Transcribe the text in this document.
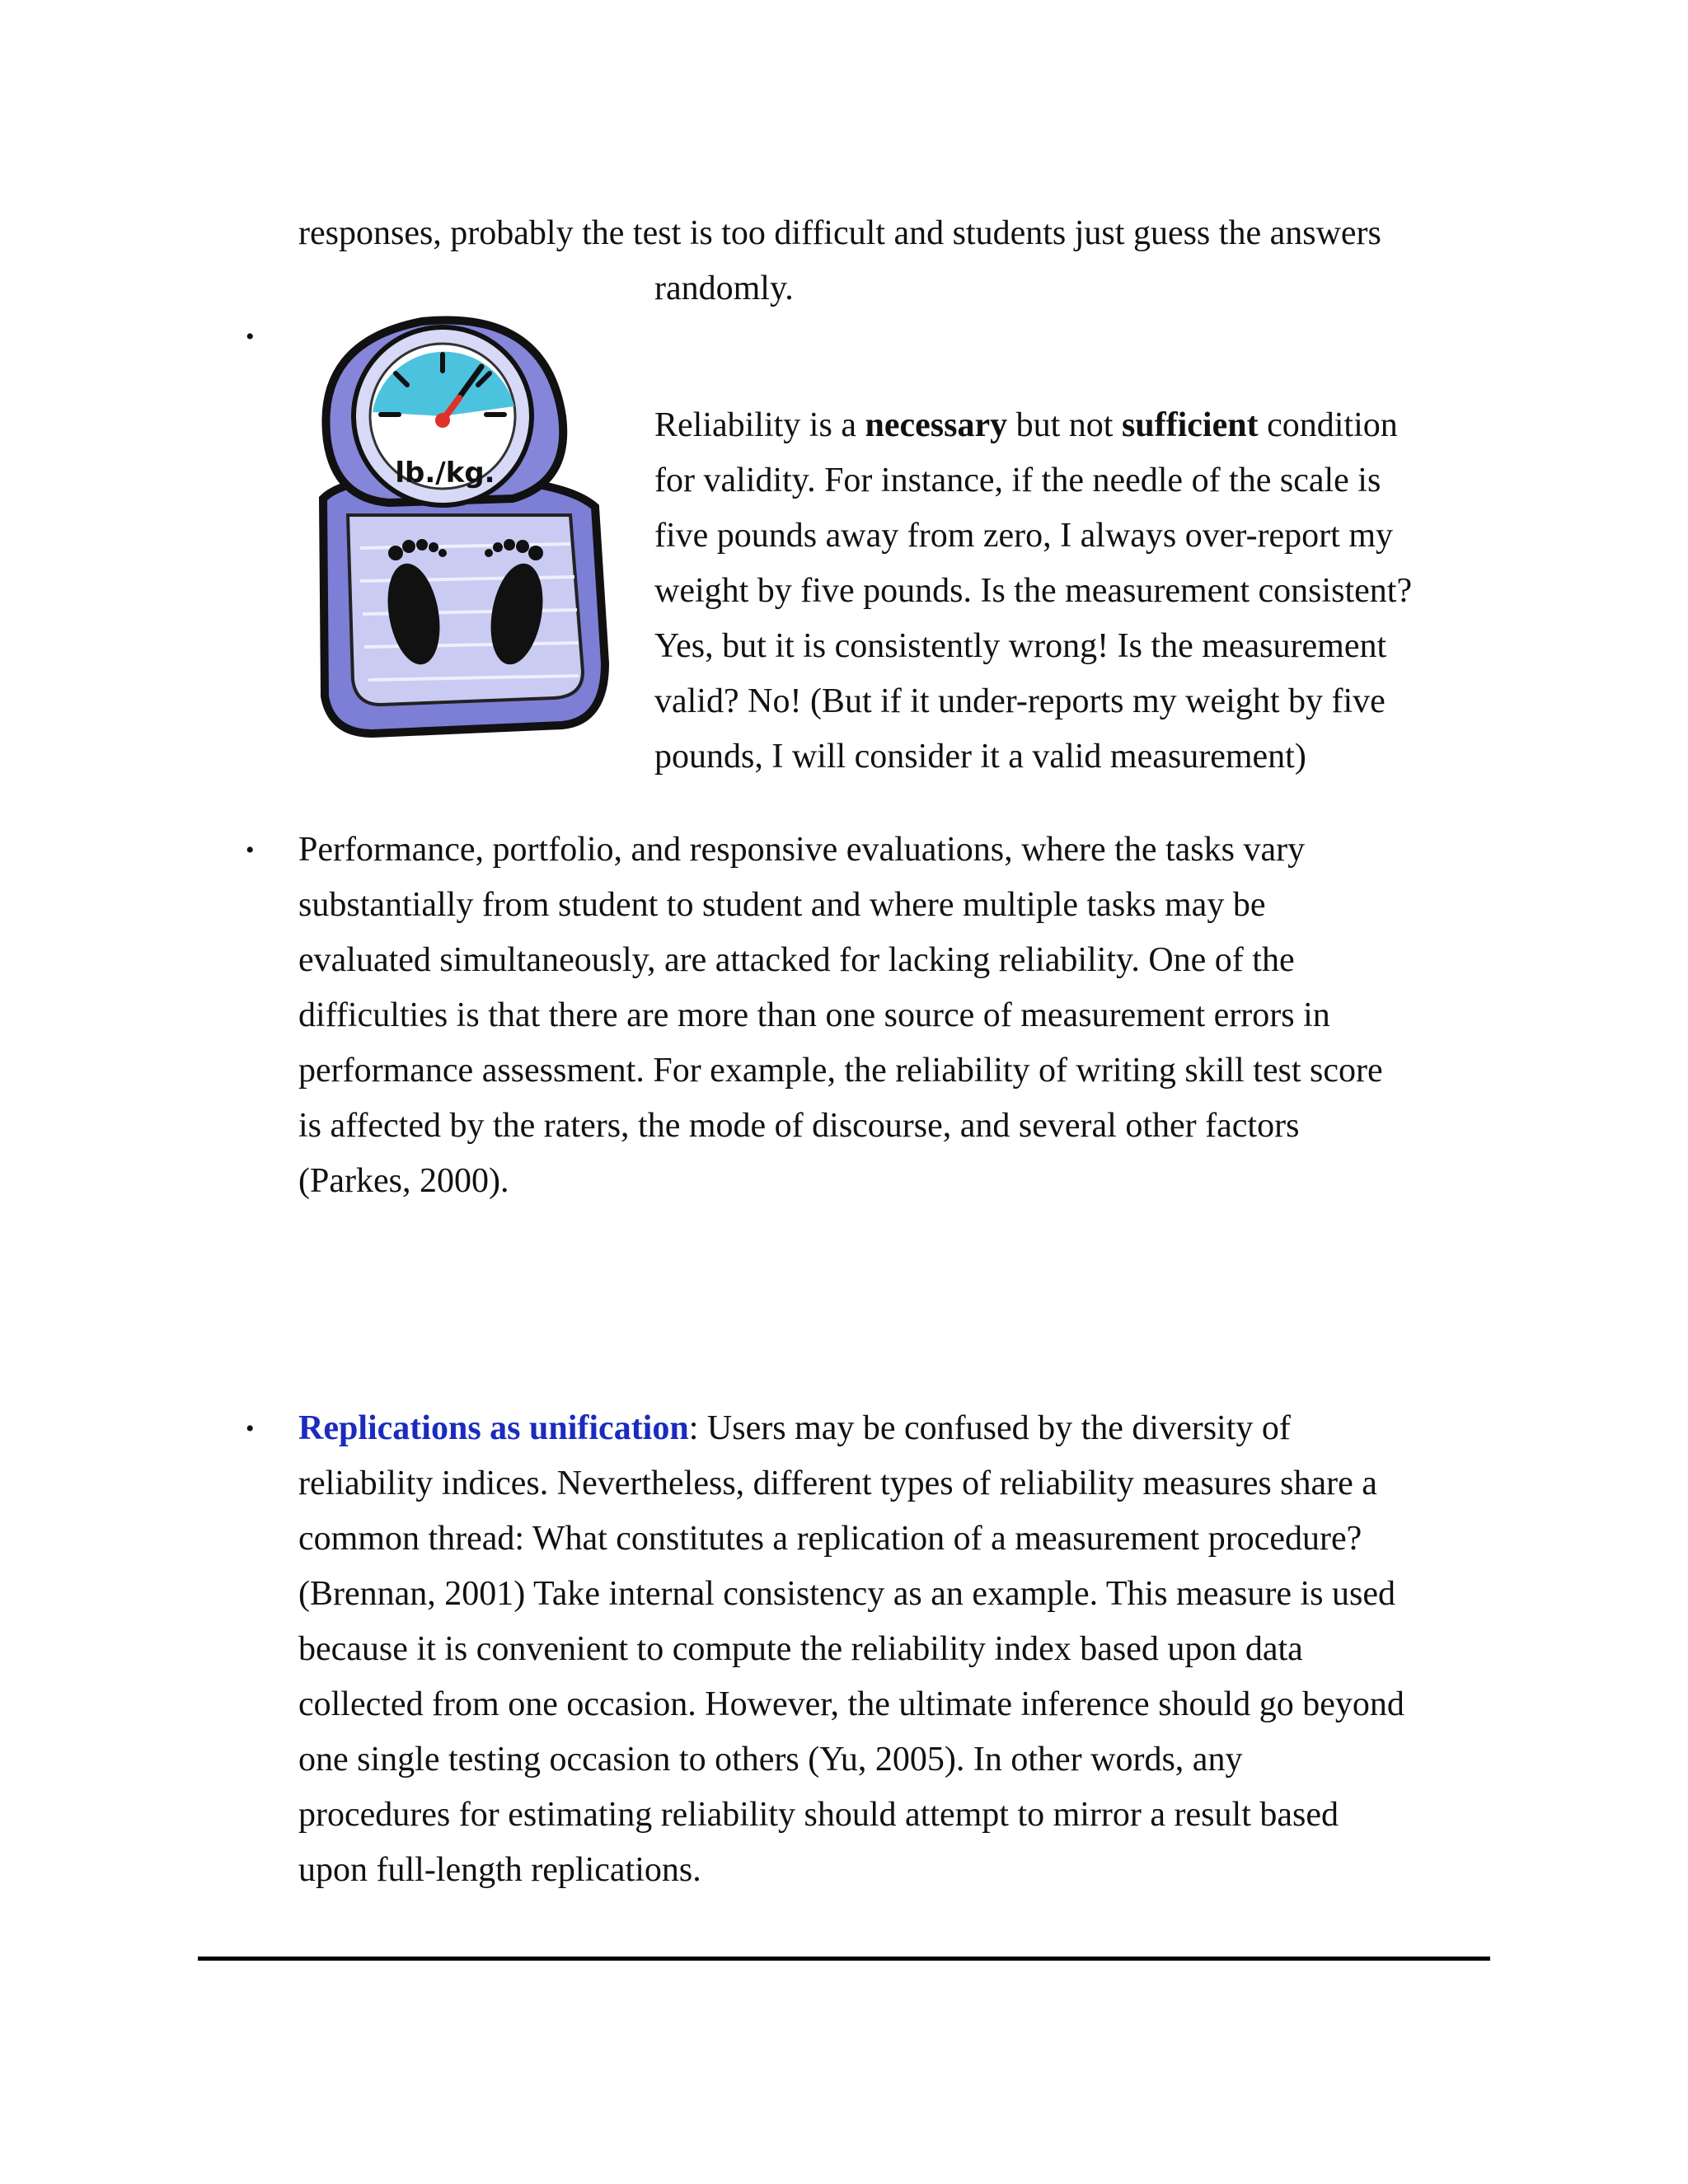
responses, probably the test is too difficult and students just guess the answers

randomly.

•
lb./kg.

Reliability is a necessary but not sufficient condition

for validity. For instance, if the needle of the scale is

five pounds away from zero, I always over-report my

weight by five pounds. Is the measurement consistent?

Yes, but it is consistently wrong! Is the measurement

valid? No! (But if it under-reports my weight by five

pounds, I will consider it a valid measurement)

• Performance, portfolio, and responsive evaluations, where the tasks vary

substantially from student to student and where multiple tasks may be

evaluated simultaneously, are attacked for lacking reliability. One of the

difficulties is that there are more than one source of measurement errors in

performance assessment. For example, the reliability of writing skill test score

is affected by the raters, the mode of discourse, and several other factors

(Parkes, 2000).

• Replications as unification: Users may be confused by the diversity of

reliability indices. Nevertheless, different types of reliability measures share a

common thread: What constitutes a replication of a measurement procedure?

(Brennan, 2001) Take internal consistency as an example. This measure is used

because it is convenient to compute the reliability index based upon data

collected from one occasion. However, the ultimate inference should go beyond

one single testing occasion to others (Yu, 2005). In other words, any

procedures for estimating reliability should attempt to mirror a result based

upon full-length replications.
